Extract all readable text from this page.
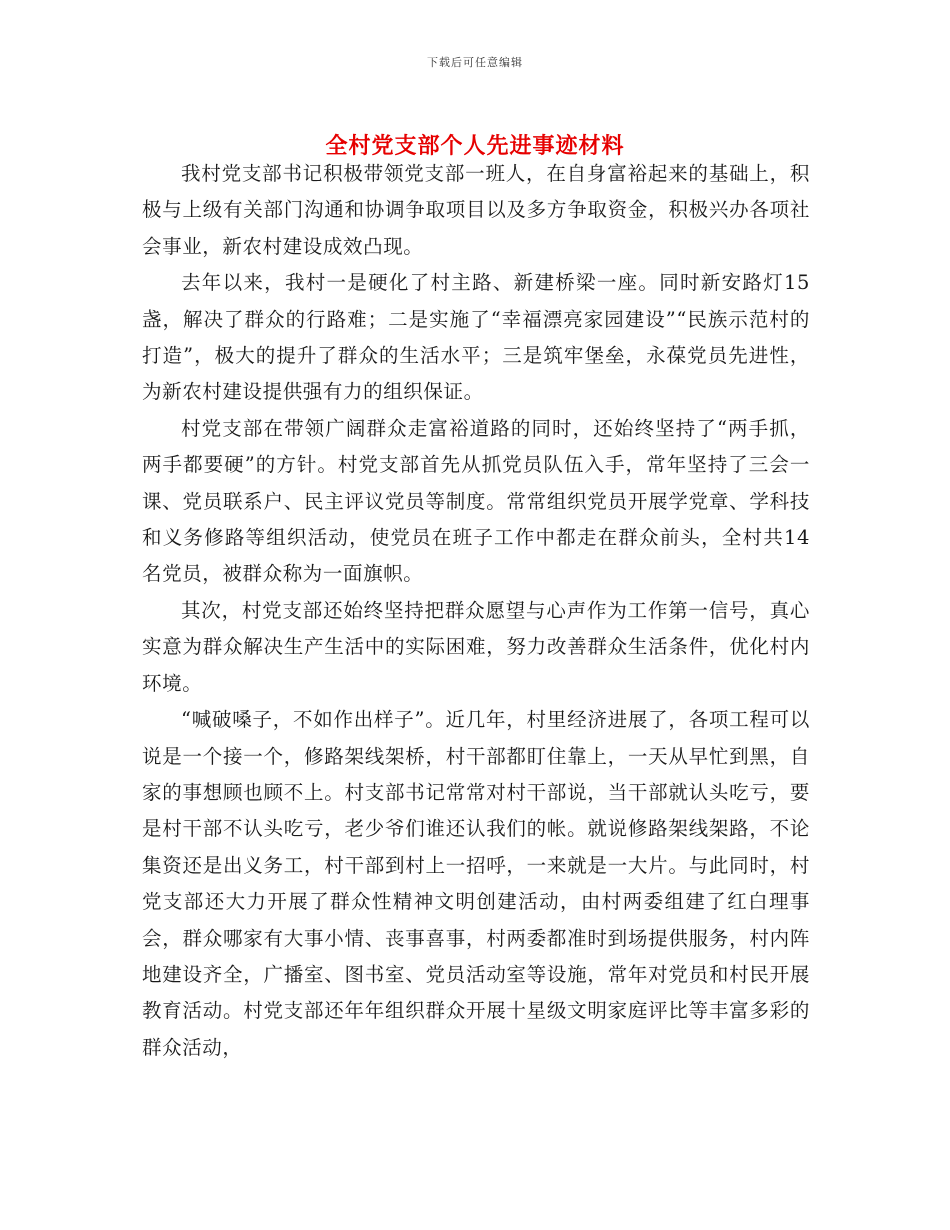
下载后可任意编辑
全村党支部个人先进事迹材料

我村党支部书记积极带领党支部一班人，在自身富裕起来的基础上，积极与上级有关部门沟通和协调争取项目以及多方争取资金，积极兴办各项社会事业，新农村建设成效凸现。

去年以来，我村一是硬化了村主路、新建桥梁一座。同时新安路灯15盏，解决了群众的行路难；二是实施了“幸福漂亮家园建设”“民族示范村的打造”，极大的提升了群众的生活水平；三是筑牢堡垒，永葆党员先进性，为新农村建设提供强有力的组织保证。

村党支部在带领广阔群众走富裕道路的同时，还始终坚持了“两手抓，两手都要硬”的方针。村党支部首先从抓党员队伍入手，常年坚持了三会一课、党员联系户、民主评议党员等制度。常常组织党员开展学党章、学科技和义务修路等组织活动，使党员在班子工作中都走在群众前头，全村共14名党员，被群众称为一面旗帜。

其次，村党支部还始终坚持把群众愿望与心声作为工作第一信号，真心实意为群众解决生产生活中的实际困难，努力改善群众生活条件，优化村内环境。

“喊破嗓子，不如作出样子”。近几年，村里经济进展了，各项工程可以说是一个接一个，修路架线架桥，村干部都盯住靠上，一天从早忙到黑，自家的事想顾也顾不上。村支部书记常常对村干部说，当干部就认头吃亏，要是村干部不认头吃亏，老少爷们谁还认我们的帐。就说修路架线架路，不论集资还是出义务工，村干部到村上一招呼，一来就是一大片。与此同时，村党支部还大力开展了群众性精神文明创建活动，由村两委组建了红白理事会，群众哪家有大事小情、丧事喜事，村两委都准时到场提供服务，村内阵地建设齐全，广播室、图书室、党员活动室等设施，常年对党员和村民开展教育活动。村党支部还年年组织群众开展十星级文明家庭评比等丰富多彩的群众活动，
